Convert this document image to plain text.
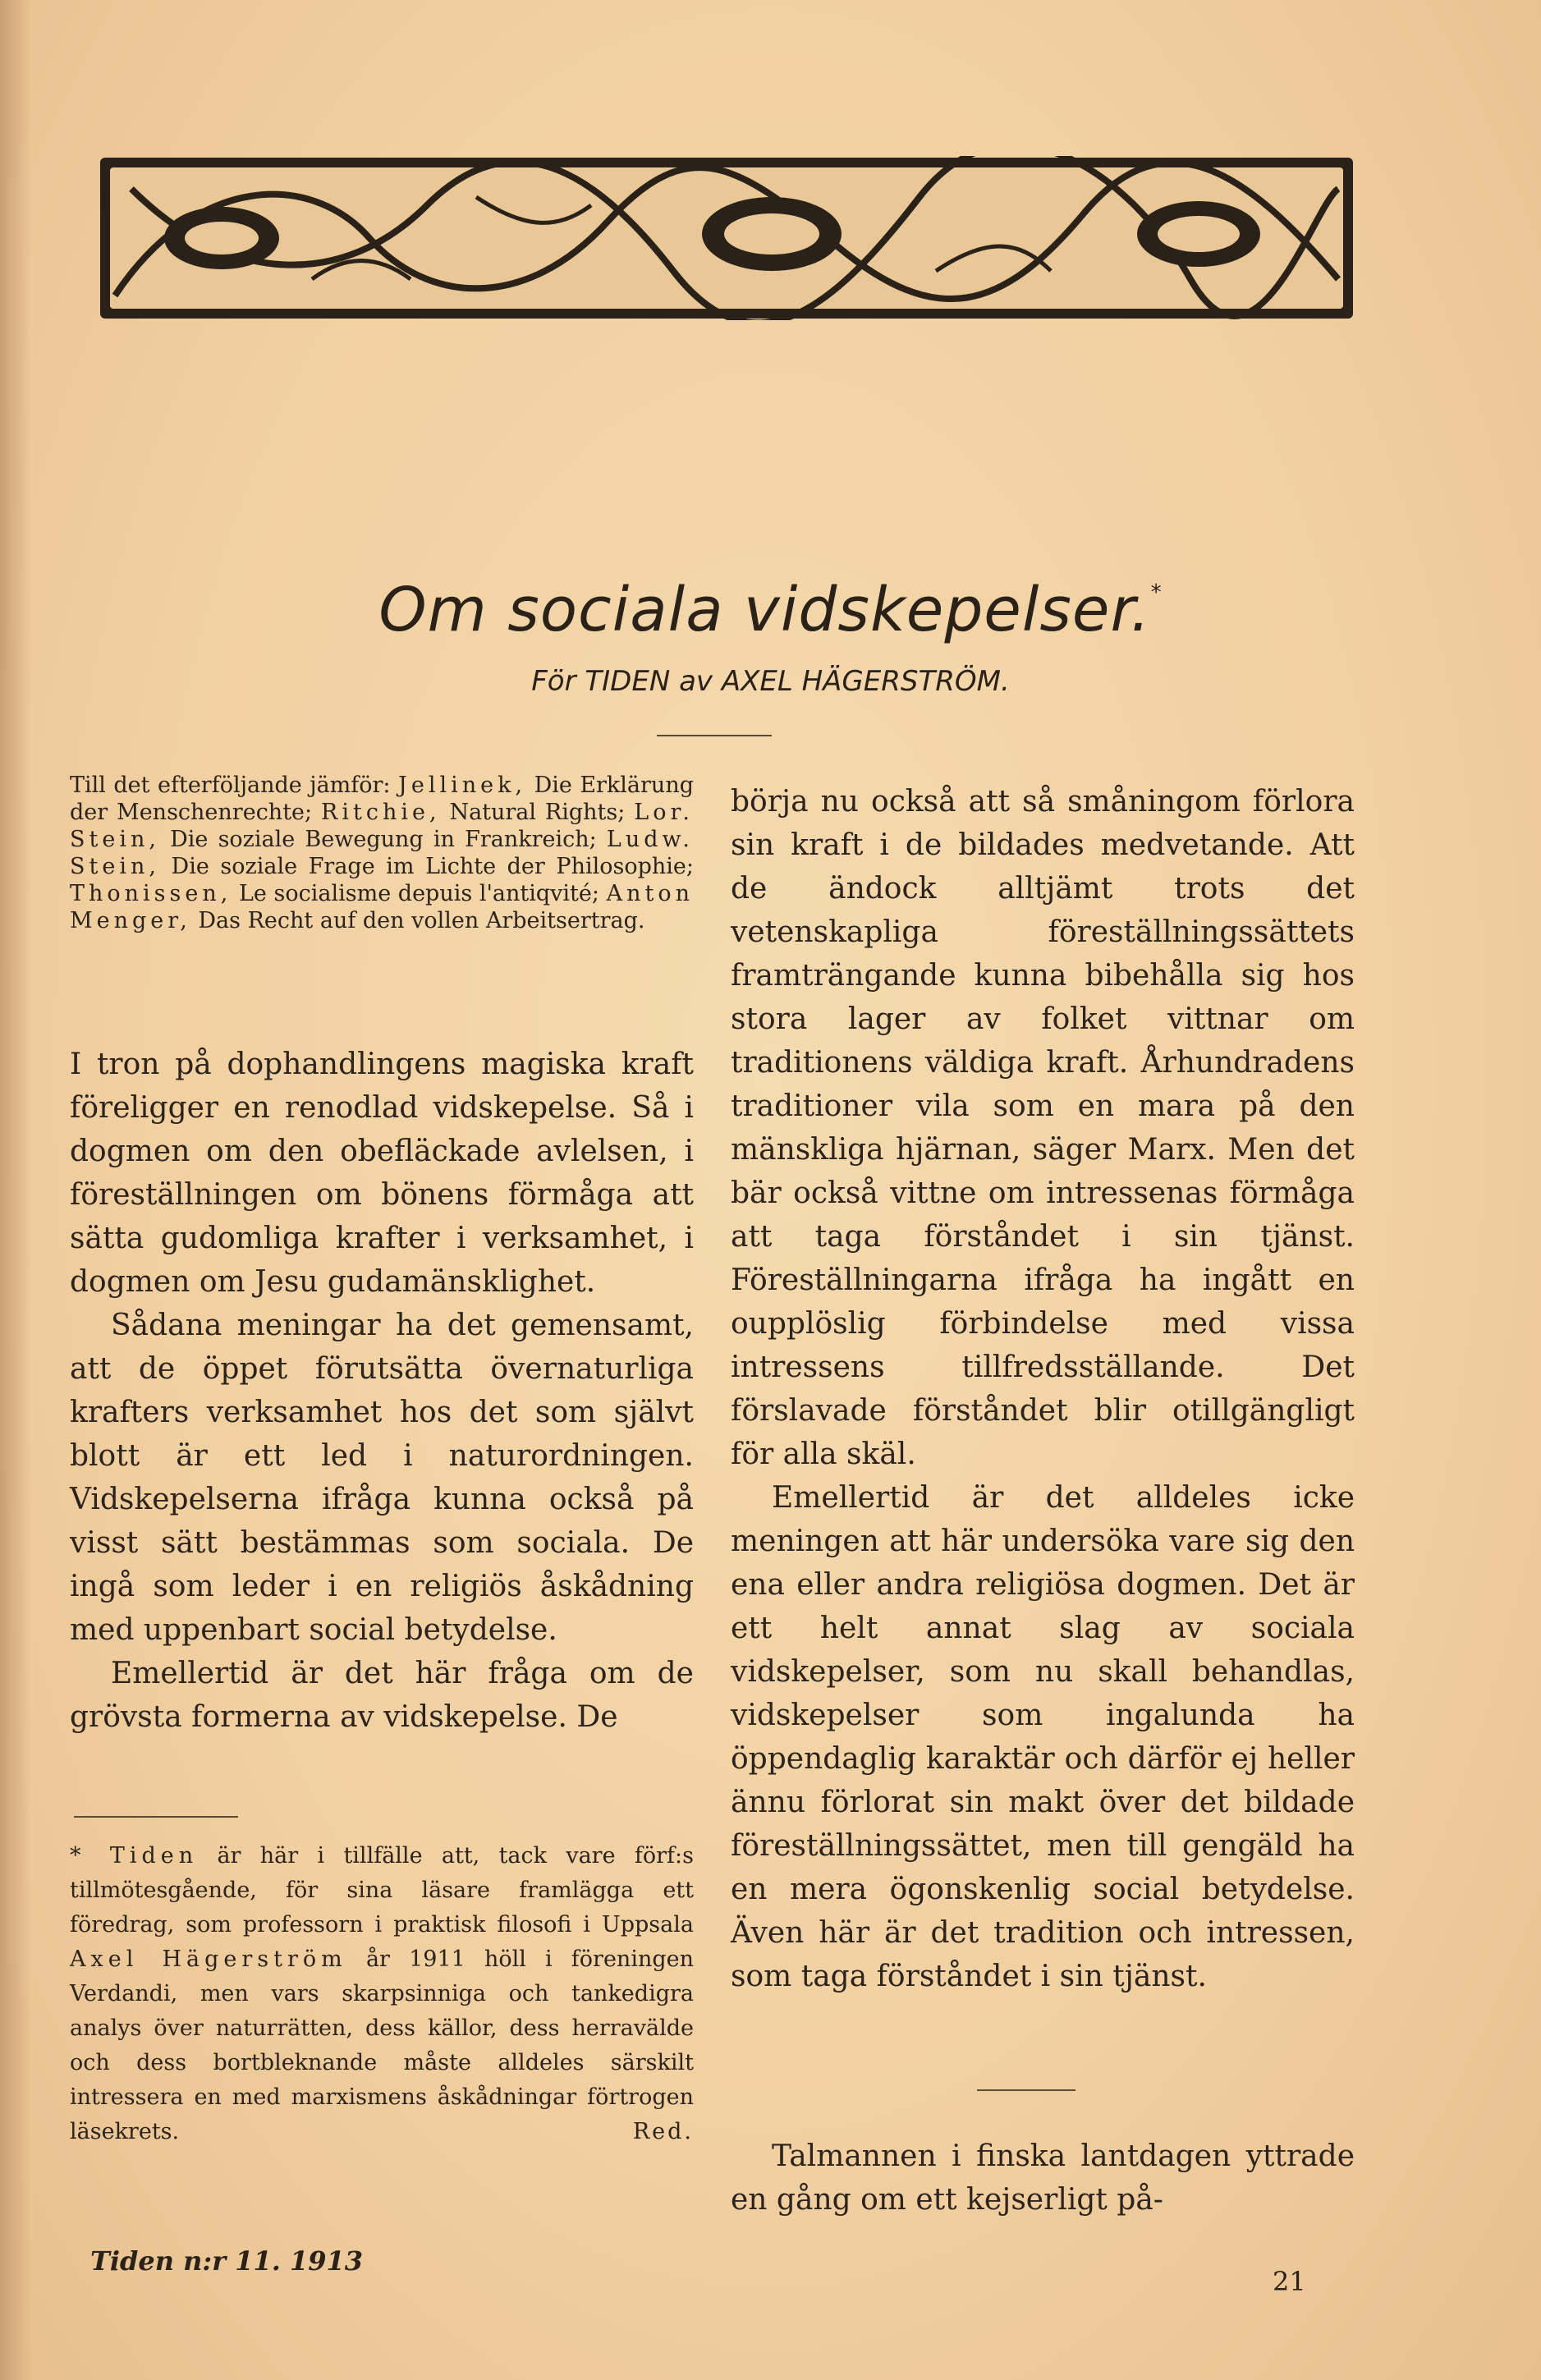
Om sociala vidskepelser.*
För TIDEN av AXEL HÄGERSTRÖM.
Till det efterföljande jämför: Jellinek, Die Erklärung der Menschenrechte; Ritchie, Natural Rights; Lor. Stein, Die soziale Bewegung in Frankreich; Ludw. Stein, Die soziale Frage im Lichte der Philosophie; Thonissen, Le socialisme depuis l'antiqvité; Anton Menger, Das Recht auf den vollen Arbeitsertrag.

I tron på dophandlingens magiska kraft föreligger en renodlad vidskepelse. Så i dogmen om den obefläckade avlelsen, i föreställningen om bönens förmåga att sätta gudomliga krafter i verksamhet, i dogmen om Jesu gudamänsklighet.

Sådana meningar ha det gemensamt, att de öppet förutsätta övernaturliga krafters verksamhet hos det som självt blott är ett led i naturordningen. Vidskepelserna ifråga kunna också på visst sätt bestämmas som sociala. De ingå som leder i en religiös åskådning med uppenbart social betydelse.

Emellertid är det här fråga om de grövsta formerna av vidskepelse. De

* Tiden är här i tillfälle att, tack vare förf:s tillmötesgående, för sina läsare framlägga ett föredrag, som professorn i praktisk filosofi i Uppsala Axel Hägerström år 1911 höll i föreningen Verdandi, men vars skarpsinniga och tankedigra analys över naturrätten, dess källor, dess herravälde och dess bortbleknande måste alldeles särskilt intressera en med marxismens åskådningar förtrogen läsekrets.	Red.

börja nu också att så småningom förlora sin kraft i de bildades medvetande. Att de ändock alltjämt trots det vetenskapliga föreställningssättets framträngande kunna bibehålla sig hos stora lager av folket vittnar om traditionens väldiga kraft. Århundradens traditioner vila som en mara på den mänskliga hjärnan, säger Marx. Men det bär också vittne om intressenas förmåga att taga förståndet i sin tjänst. Föreställningarna ifråga ha ingått en oupplöslig förbindelse med vissa intressens tillfredsställande. Det förslavade förståndet blir otillgängligt för alla skäl.

Emellertid är det alldeles icke meningen att här undersöka vare sig den ena eller andra religiösa dogmen. Det är ett helt annat slag av sociala vidskepelser, som nu skall behandlas, vidskepelser som ingalunda ha öppendaglig karaktär och därför ej heller ännu förlorat sin makt över det bildade föreställningssättet, men till gengäld ha en mera ögonskenlig social betydelse. Även här är det tradition och intressen, som taga förståndet i sin tjänst.

Talmannen i finska lantdagen yttrade en gång om ett kejserligt på-

Tiden n:r 11. 1913
21
